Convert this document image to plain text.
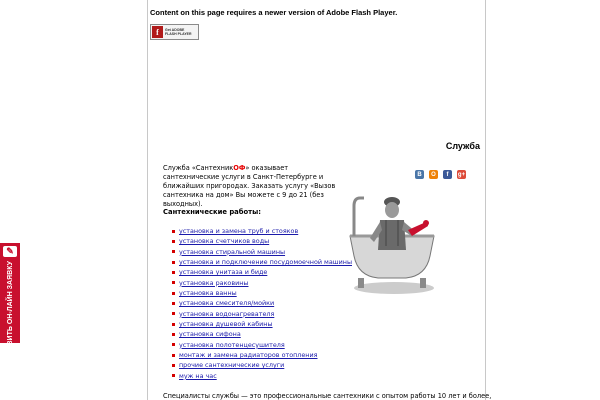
Content on this page requires a newer version of Adobe Flash Player.
f	Get ADOBE
FLASH PLAYER
Служба
В	О	f	g+
Служба «СантехникОФ» оказывает сантехнические услуги в Санкт-Петербурге и ближайших пригородах. Заказать услугу «Вызов сантехника на дом» Вы можете с 9 до 21 (без выходных).
Сантехнические работы:
установка и замена труб и стояков
установка счетчиков воды
установка стиральной машины
установка и подключение посудомоечной машины
установка унитаза и биде
установка раковины
установка ванны
установка смесителя/мойки
установка водонагревателя
установка душевой кабины
установка сифона
установка полотенцесушителя
монтаж и замена радиаторов отопления
прочие сантехнические услуги
муж на час
Специалисты службы — это профессиональные сантехники с опытом работы 10 лет и более,
✎
ОТПРАВИТЬ ОН-ЛАЙН ЗАЯВКУ
